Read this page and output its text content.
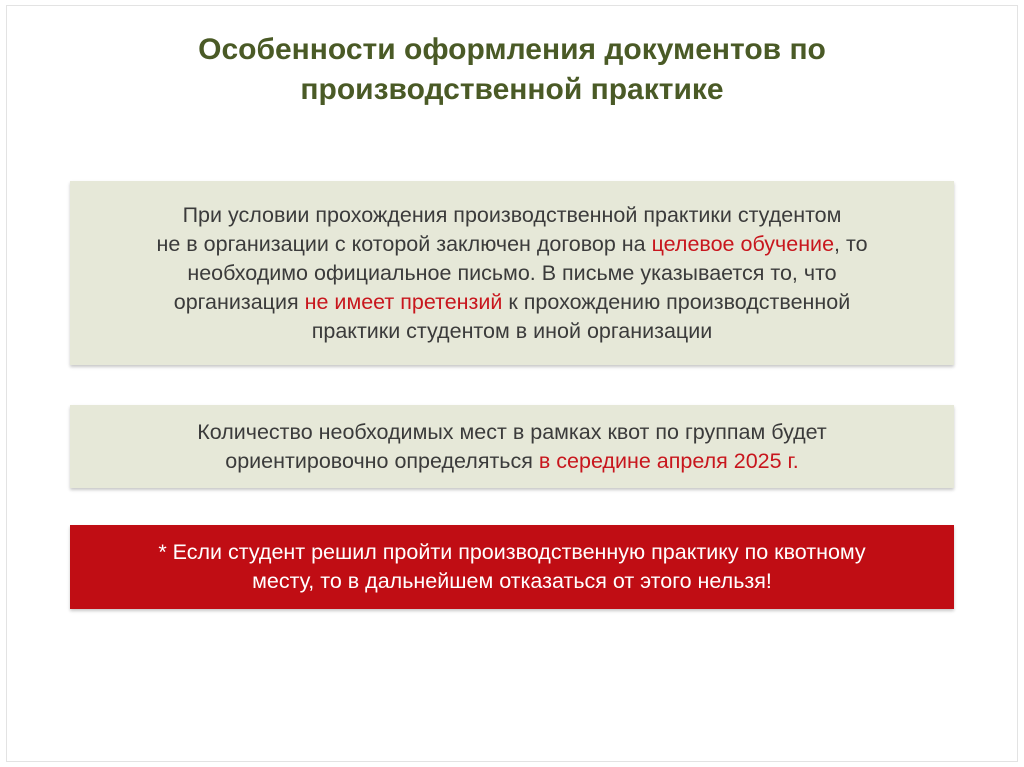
Особенности оформления документов по
производственной практике
При условии прохождения производственной практики студентом
не в организации с которой заключен договор на целевое обучение, то
необходимо официальное письмо. В письме указывается то, что
организация не имеет претензий к прохождению производственной
практики студентом в иной организации
Количество необходимых мест в рамках квот по группам будет
ориентировочно определяться в середине апреля 2025 г.
* Если студент решил пройти производственную практику по квотному
месту, то в дальнейшем отказаться от этого нельзя!
